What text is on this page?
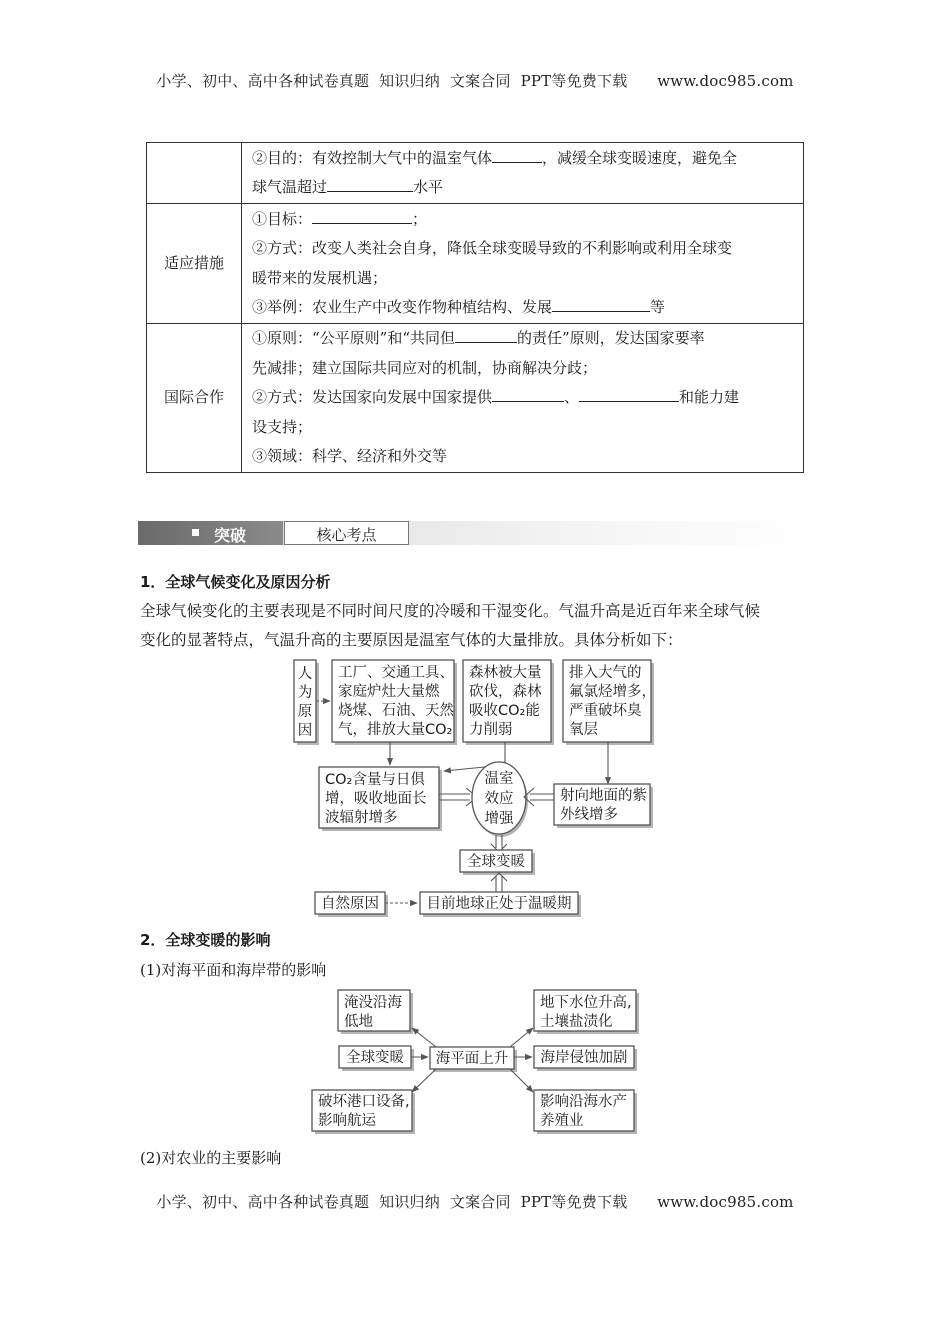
小学、初中、高中各种试卷真题  知识归纳  文案合同  PPT等免费下载      www.doc985.com
	②目的：有效控制大气中的温室气体 ，减缓全球变暖速度，避免全
球气温超过 水平
适应措施	①目标： ；
②方式：改变人类社会自身，降低全球变暖导致的不利影响或利用全球变
暖带来的发展机遇；
③举例：农业生产中改变作物种植结构、发展 等
国际合作	①原则：“公平原则”和“共同但 的责任”原则，发达国家要率
先减排；建立国际共同应对的机制，协商解决分歧；
②方式：发达国家向发展中国家提供 、 和能力建
设支持；
③领域：科学、经济和外交等
突破	核心考点
1．全球气候变化及原因分析
全球气候变化的主要表现是不同时间尺度的冷暖和干湿变化。气温升高是近百年来全球气候
变化的显著特点，气温升高的主要原因是温室气体的大量排放。具体分析如下：
人
为
原
因
工厂、交通工具、
家庭炉灶大量燃
烧煤、石油、天然
气，排放大量CO₂
森林被大量
砍伐，森林
吸收CO₂能
力削弱
排入大气的
氟氯烃增多，
严重破坏臭
氧层
CO₂含量与日俱
增，吸收地面长
波辐射增多
温室
效应
增强
射向地面的紫
外线增多
全球变暖
自然原因	目前地球正处于温暖期
淹没沿海
低地
全球变暖
破坏港口设备,
影响航运
海平面上升
地下水位升高,
土壤盐渍化
海岸侵蚀加剧
影响沿海水产
养殖业
2．全球变暖的影响
(1)对海平面和海岸带的影响
(2)对农业的主要影响
小学、初中、高中各种试卷真题  知识归纳  文案合同  PPT等免费下载      www.doc985.com
